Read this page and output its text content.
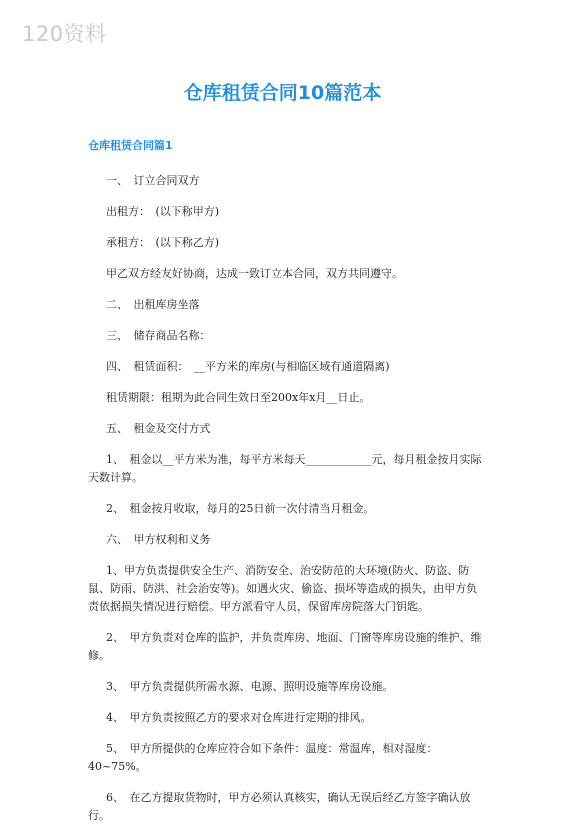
120资料
仓库租赁合同10篇范本
仓库租赁合同篇1

一、　订立合同双方

出租方：　(以下称甲方)

承租方：　(以下称乙方)

甲乙双方经友好协商，达成一致订立本合同，双方共同遵守。

二、　出租库房坐落

三、　储存商品名称：

四、　租赁面积：　__平方米的库房(与相临区域有通道隔离)

租赁期限：租期为此合同生效日至200x年x月__日止。

五、　租金及交付方式

1、　租金以__平方米为准，每平方米每天____________元，每月租金按月实际天数计算。

2、　租金按月收取，每月的25日前一次付清当月租金。

六、　甲方权利和义务

1、甲方负责提供安全生产、消防安全、治安防范的大环境(防火、防盗、防鼠、防雨、防洪、社会治安等)。如遇火灾、偷盗、损坏等造成的损失，由甲方负责依据损失情况进行赔偿。甲方派看守人员，保留库房院落大门钥匙。

2、　甲方负责对仓库的监护，并负责库房、地面、门窗等库房设施的维护、维修。

3、　甲方负责提供所需水源、电源、照明设施等库房设施。

4、　甲方负责按照乙方的要求对仓库进行定期的排风。

5、　甲方所提供的仓库应符合如下条件：温度：常温库，相对湿度：40~75%。

6、　在乙方提取货物时，甲方必须认真核实，确认无误后经乙方签字确认放行。
